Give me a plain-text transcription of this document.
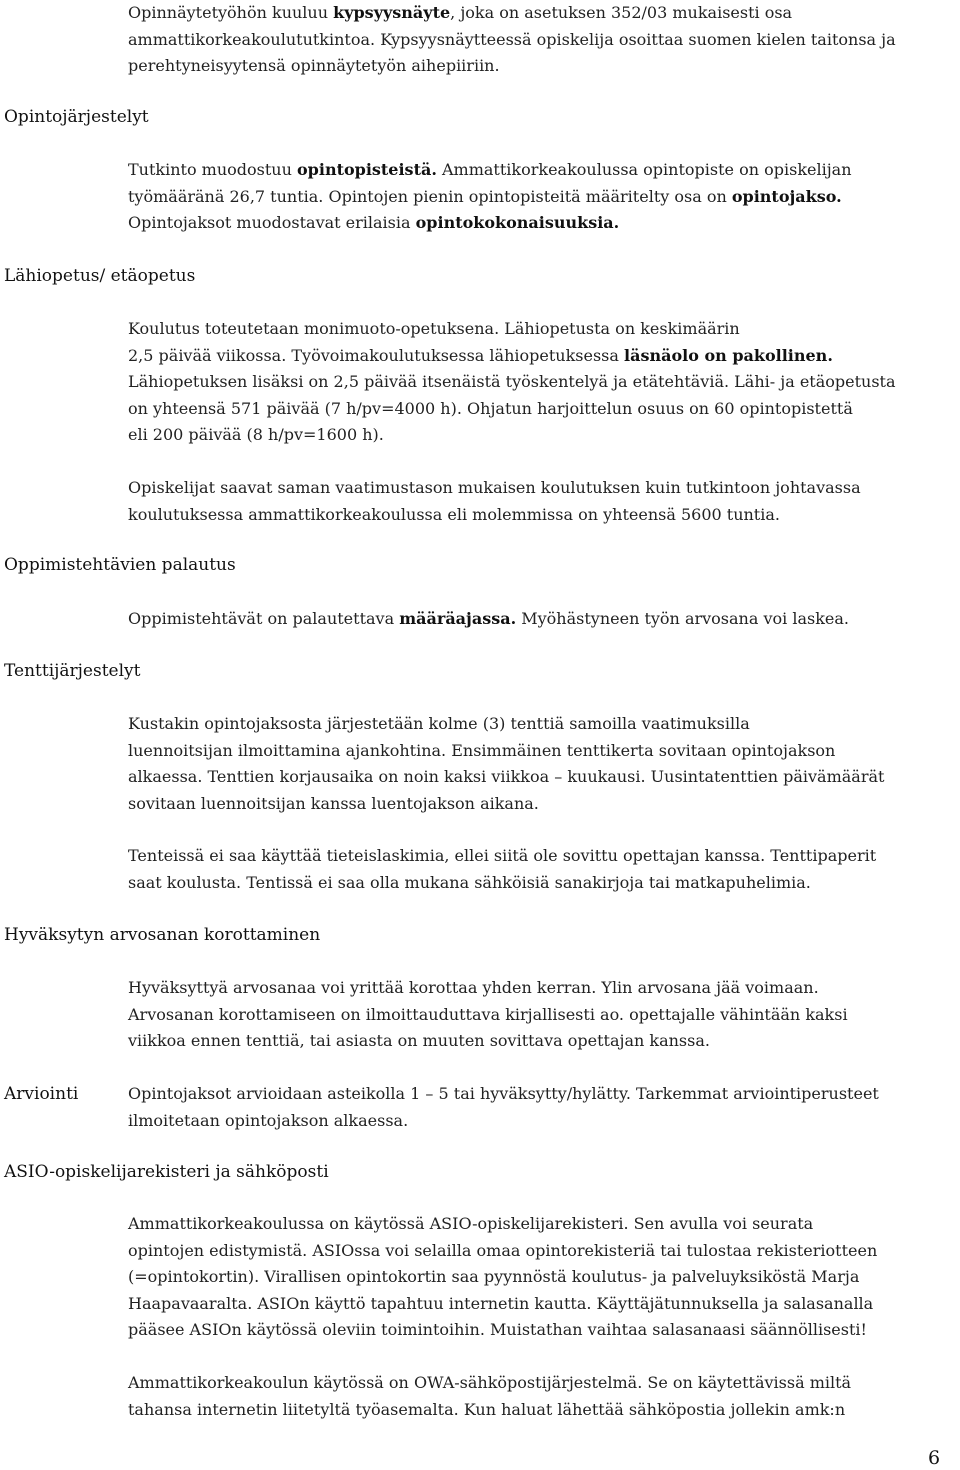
Opintojärjestelyt
Lähiopetus/ etäopetus
Oppimistehtävien palautus
Tenttijärjestelyt
Hyväksytyn arvosanan korottaminen
Arviointi
ASIO-opiskelijarekisteri ja sähköposti
Opinnäytetyöhön kuuluu kypsyysnäyte, joka on asetuksen 352/03 mukaisesti osa
ammattikorkeakoulututkintoa. Kypsyysnäytteessä opiskelija osoittaa suomen kielen taitonsa ja
perehtyneisyytensä opinnäytetyön aihepiiriin.
Tutkinto muodostuu opintopisteistä. Ammattikorkeakoulussa opintopiste on opiskelijan
työmääränä 26,7 tuntia. Opintojen pienin opintopisteitä määritelty osa on opintojakso.
Opintojaksot muodostavat erilaisia opintokokonaisuuksia.
Koulutus toteutetaan monimuoto-opetuksena. Lähiopetusta on keskimäärin
2,5 päivää viikossa. Työvoimakoulutuksessa lähiopetuksessa läsnäolo on pakollinen.
Lähiopetuksen lisäksi on 2,5 päivää itsenäistä työskentelyä ja etätehtäviä. Lähi- ja etäopetusta
on yhteensä 571 päivää (7 h/pv=4000 h). Ohjatun harjoittelun osuus on 60 opintopistettä
eli 200 päivää (8 h/pv=1600 h).
Opiskelijat saavat saman vaatimustason mukaisen koulutuksen kuin tutkintoon johtavassa
koulutuksessa ammattikorkeakoulussa eli molemmissa on yhteensä 5600 tuntia.
Oppimistehtävät on palautettava määräajassa. Myöhästyneen työn arvosana voi laskea.
Kustakin opintojaksosta järjestetään kolme (3) tenttiä samoilla vaatimuksilla
luennoitsijan ilmoittamina ajankohtina. Ensimmäinen tenttikerta sovitaan opintojakson
alkaessa. Tenttien korjausaika on noin kaksi viikkoa – kuukausi. Uusintatenttien päivämäärät
sovitaan luennoitsijan kanssa luentojakson aikana.
Tenteissä ei saa käyttää tieteislaskimia, ellei siitä ole sovittu opettajan kanssa. Tenttipaperit
saat koulusta. Tentissä ei saa olla mukana sähköisiä sanakirjoja tai matkapuhelimia.
Hyväksyttyä arvosanaa voi yrittää korottaa yhden kerran. Ylin arvosana jää voimaan.
Arvosanan korottamiseen on ilmoittauduttava kirjallisesti ao. opettajalle vähintään kaksi
viikkoa ennen tenttiä, tai asiasta on muuten sovittava opettajan kanssa.
Opintojaksot arvioidaan asteikolla 1 – 5 tai hyväksytty/hylätty. Tarkemmat arviointiperusteet
ilmoitetaan opintojakson alkaessa.
Ammattikorkeakoulussa on käytössä ASIO-opiskelijarekisteri. Sen avulla voi seurata
opintojen edistymistä. ASIOssa voi selailla omaa opintorekisteriä tai tulostaa rekisteriotteen
(=opintokortin). Virallisen opintokortin saa pyynnöstä koulutus- ja palveluyksiköstä Marja
Haapavaaralta. ASIOn käyttö tapahtuu internetin kautta. Käyttäjätunnuksella ja salasanalla
pääsee ASIOn käytössä oleviin toimintoihin. Muistathan vaihtaa salasanaasi säännöllisesti!
Ammattikorkeakoulun käytössä on OWA-sähköpostijärjestelmä. Se on käytettävissä miltä
tahansa internetin liitetyltä työasemalta. Kun haluat lähettää sähköpostia jollekin amk:n
6
